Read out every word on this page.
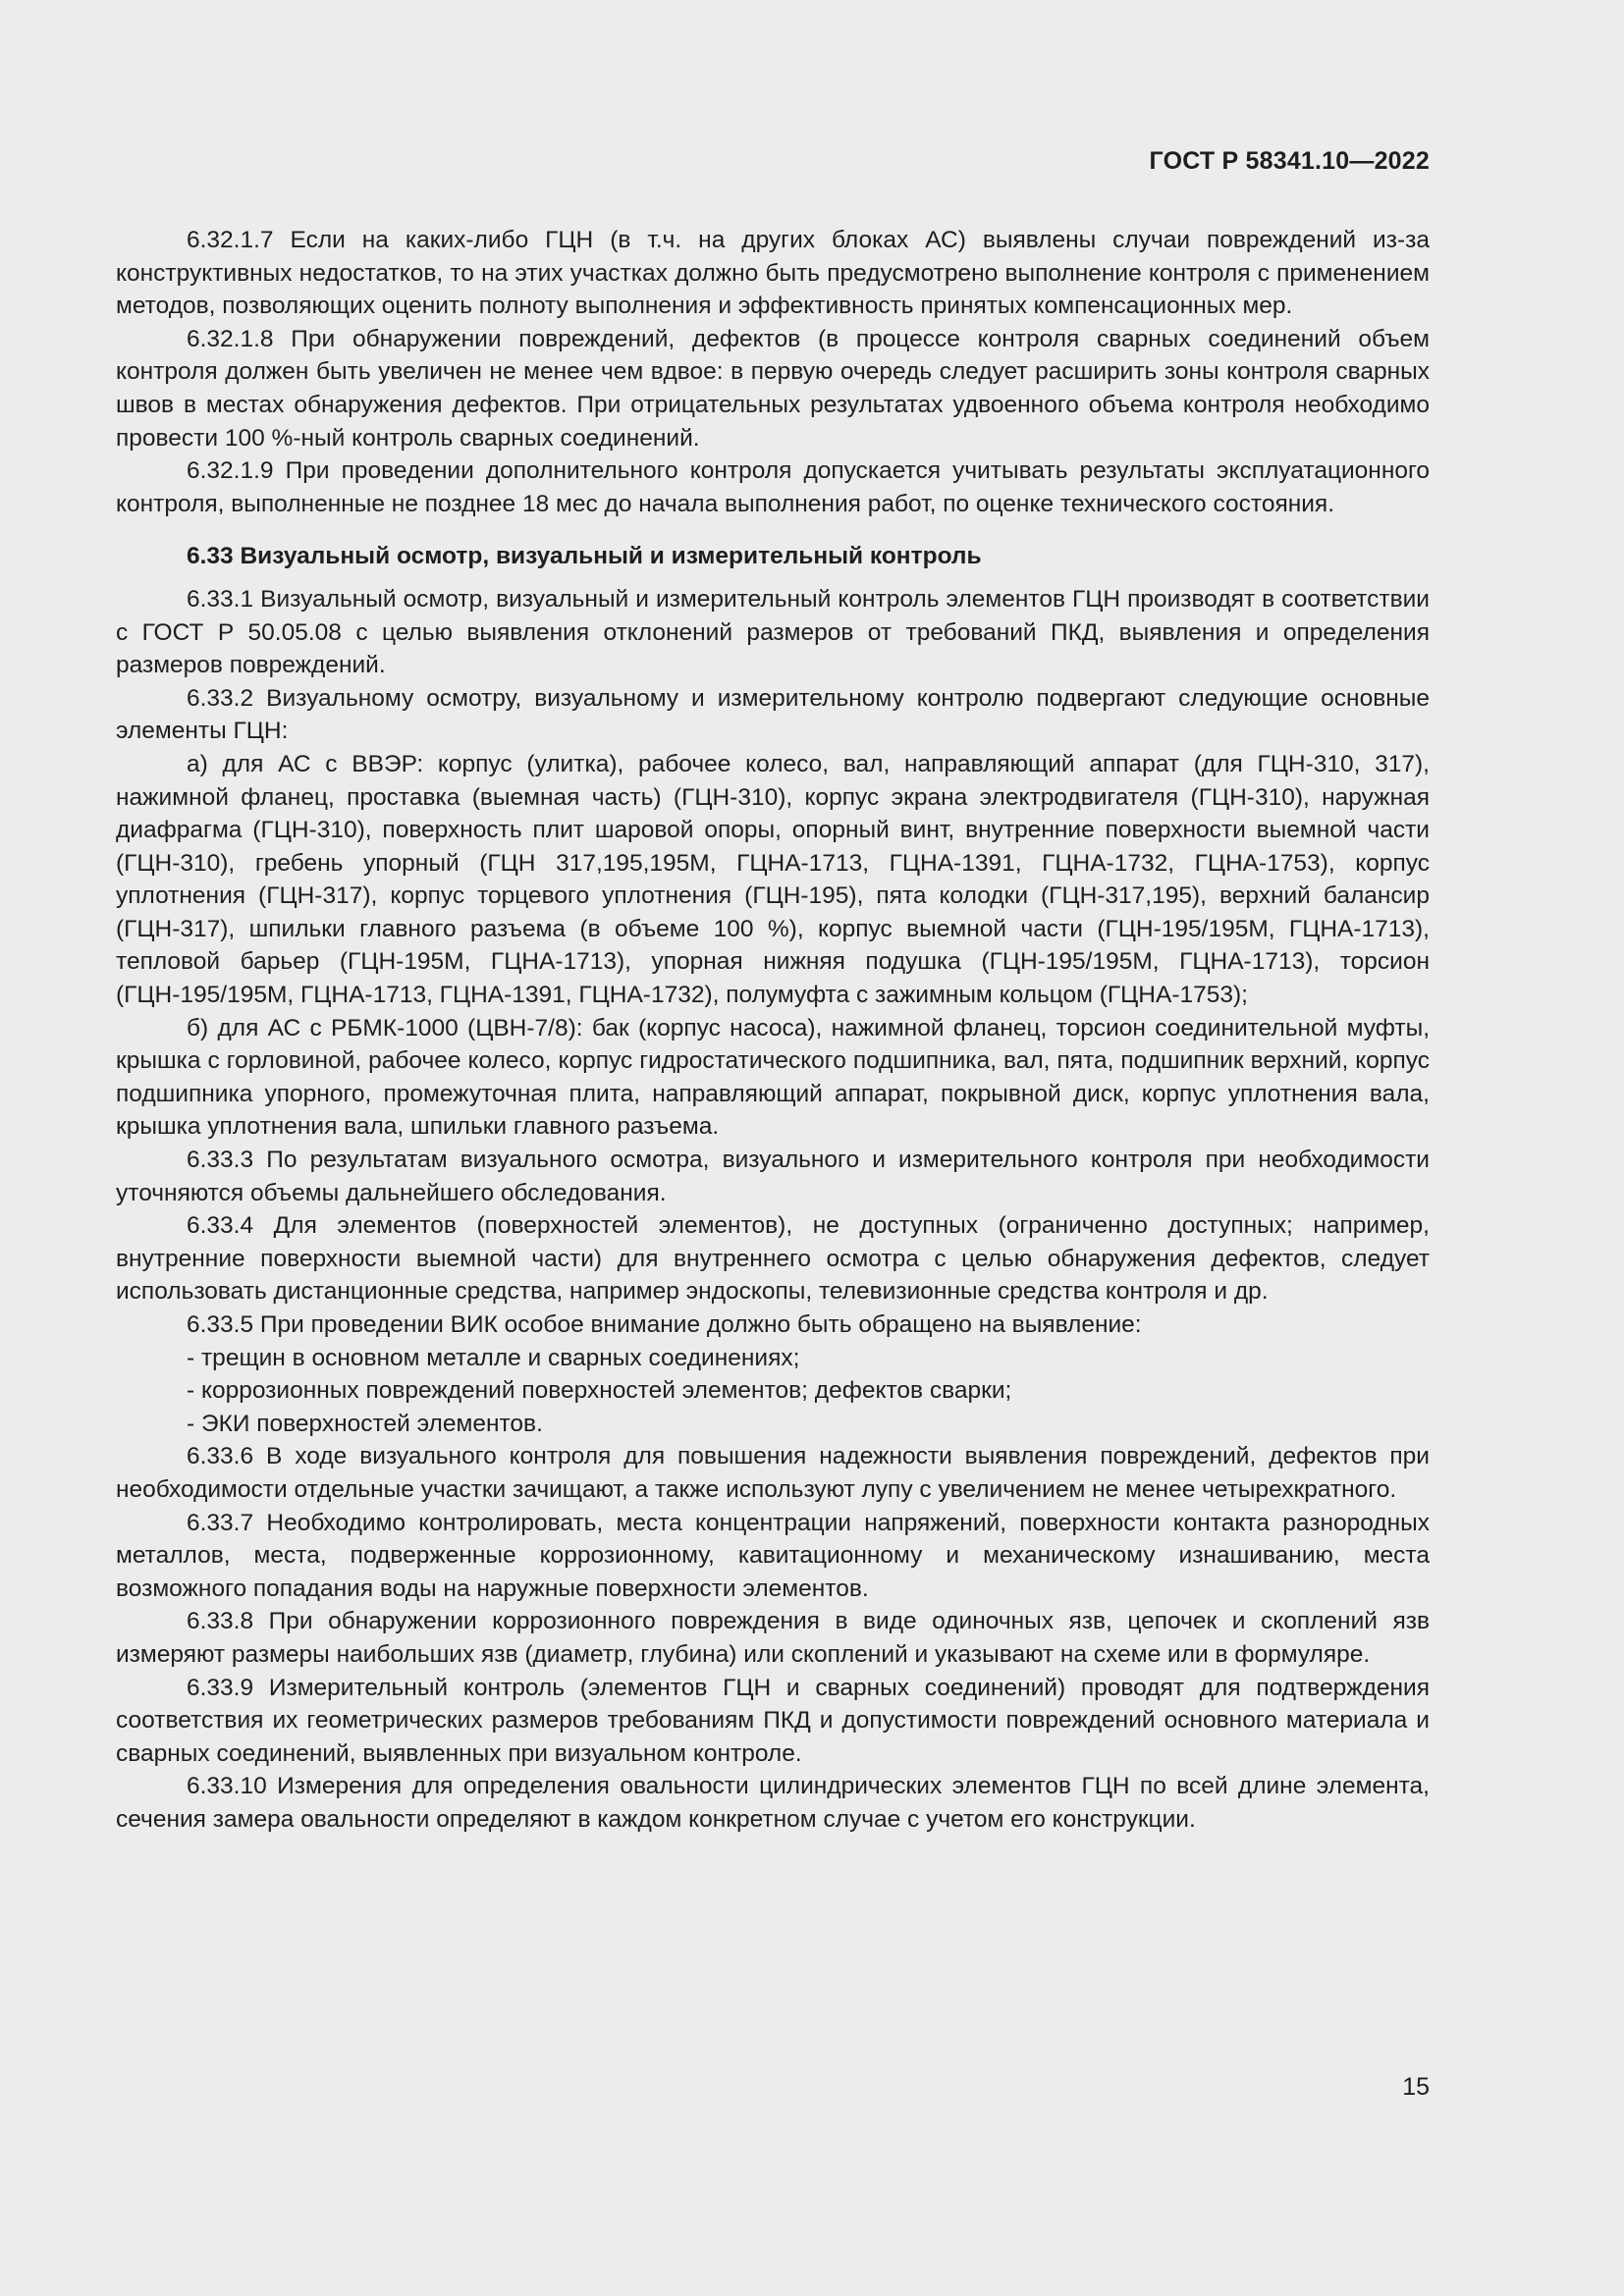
ГОСТ Р 58341.10—2022

6.32.1.7 Если на каких-либо ГЦН (в т.ч. на других блоках АС) выявлены случаи повреждений из-за конструктивных недостатков, то на этих участках должно быть предусмотрено выполнение контроля с применением методов, позволяющих оценить полноту выполнения и эффективность принятых компенсационных мер.

6.32.1.8 При обнаружении повреждений, дефектов (в процессе контроля сварных соединений объем контроля должен быть увеличен не менее чем вдвое: в первую очередь следует расширить зоны контроля сварных швов в местах обнаружения дефектов. При отрицательных результатах удвоенного объема контроля необходимо провести 100 %-ный контроль сварных соединений.

6.32.1.9 При проведении дополнительного контроля допускается учитывать результаты эксплуатационного контроля, выполненные не позднее 18 мес до начала выполнения работ, по оценке технического состояния.

6.33 Визуальный осмотр, визуальный и измерительный контроль

6.33.1 Визуальный осмотр, визуальный и измерительный контроль элементов ГЦН производят в соответствии с ГОСТ Р 50.05.08 с целью выявления отклонений размеров от требований ПКД, выявления и определения размеров повреждений.

6.33.2 Визуальному осмотру, визуальному и измерительному контролю подвергают следующие основные элементы ГЦН:

а) для АС с ВВЭР: корпус (улитка), рабочее колесо, вал, направляющий аппарат (для ГЦН-310, 317), нажимной фланец, проставка (выемная часть) (ГЦН-310), корпус экрана электродвигателя (ГЦН-310), наружная диафрагма (ГЦН-310), поверхность плит шаровой опоры, опорный винт, внутренние поверхности выемной части (ГЦН-310), гребень упорный (ГЦН 317,195,195М, ГЦНА-1713, ГЦНА-1391, ГЦНА-1732, ГЦНА-1753), корпус уплотнения (ГЦН-317), корпус торцевого уплотнения (ГЦН-195), пята колодки (ГЦН-317,195), верхний балансир (ГЦН-317), шпильки главного разъема (в объеме 100 %), корпус выемной части (ГЦН-195/195М, ГЦНА-1713), тепловой барьер (ГЦН-195М, ГЦНА-1713), упорная нижняя подушка (ГЦН-195/195М, ГЦНА-1713), торсион (ГЦН-195/195М, ГЦНА-1713, ГЦНА-1391, ГЦНА-1732), полумуфта с зажимным кольцом (ГЦНА-1753);

б) для АС с РБМК-1000 (ЦВН-7/8): бак (корпус насоса), нажимной фланец, торсион соединительной муфты, крышка с горловиной, рабочее колесо, корпус гидростатического подшипника, вал, пята, подшипник верхний, корпус подшипника упорного, промежуточная плита, направляющий аппарат, покрывной диск, корпус уплотнения вала, крышка уплотнения вала, шпильки главного разъема.

6.33.3 По результатам визуального осмотра, визуального и измерительного контроля при необходимости уточняются объемы дальнейшего обследования.

6.33.4 Для элементов (поверхностей элементов), не доступных (ограниченно доступных; например, внутренние поверхности выемной части) для внутреннего осмотра с целью обнаружения дефектов, следует использовать дистанционные средства, например эндоскопы, телевизионные средства контроля и др.

6.33.5 При проведении ВИК особое внимание должно быть обращено на выявление:

- трещин в основном металле и сварных соединениях;

- коррозионных повреждений поверхностей элементов; дефектов сварки;

- ЭКИ поверхностей элементов.

6.33.6 В ходе визуального контроля для повышения надежности выявления повреждений, дефектов при необходимости отдельные участки зачищают, а также используют лупу с увеличением не менее четырехкратного.

6.33.7 Необходимо контролировать, места концентрации напряжений, поверхности контакта разнородных металлов, места, подверженные коррозионному, кавитационному и механическому изнашиванию, места возможного попадания воды на наружные поверхности элементов.

6.33.8 При обнаружении коррозионного повреждения в виде одиночных язв, цепочек и скоплений язв измеряют размеры наибольших язв (диаметр, глубина) или скоплений и указывают на схеме или в формуляре.

6.33.9 Измерительный контроль (элементов ГЦН и сварных соединений) проводят для подтверждения соответствия их геометрических размеров требованиям ПКД и допустимости повреждений основного материала и сварных соединений, выявленных при визуальном контроле.

6.33.10 Измерения для определения овальности цилиндрических элементов ГЦН по всей длине элемента, сечения замера овальности определяют в каждом конкретном случае с учетом его конструкции.

15
